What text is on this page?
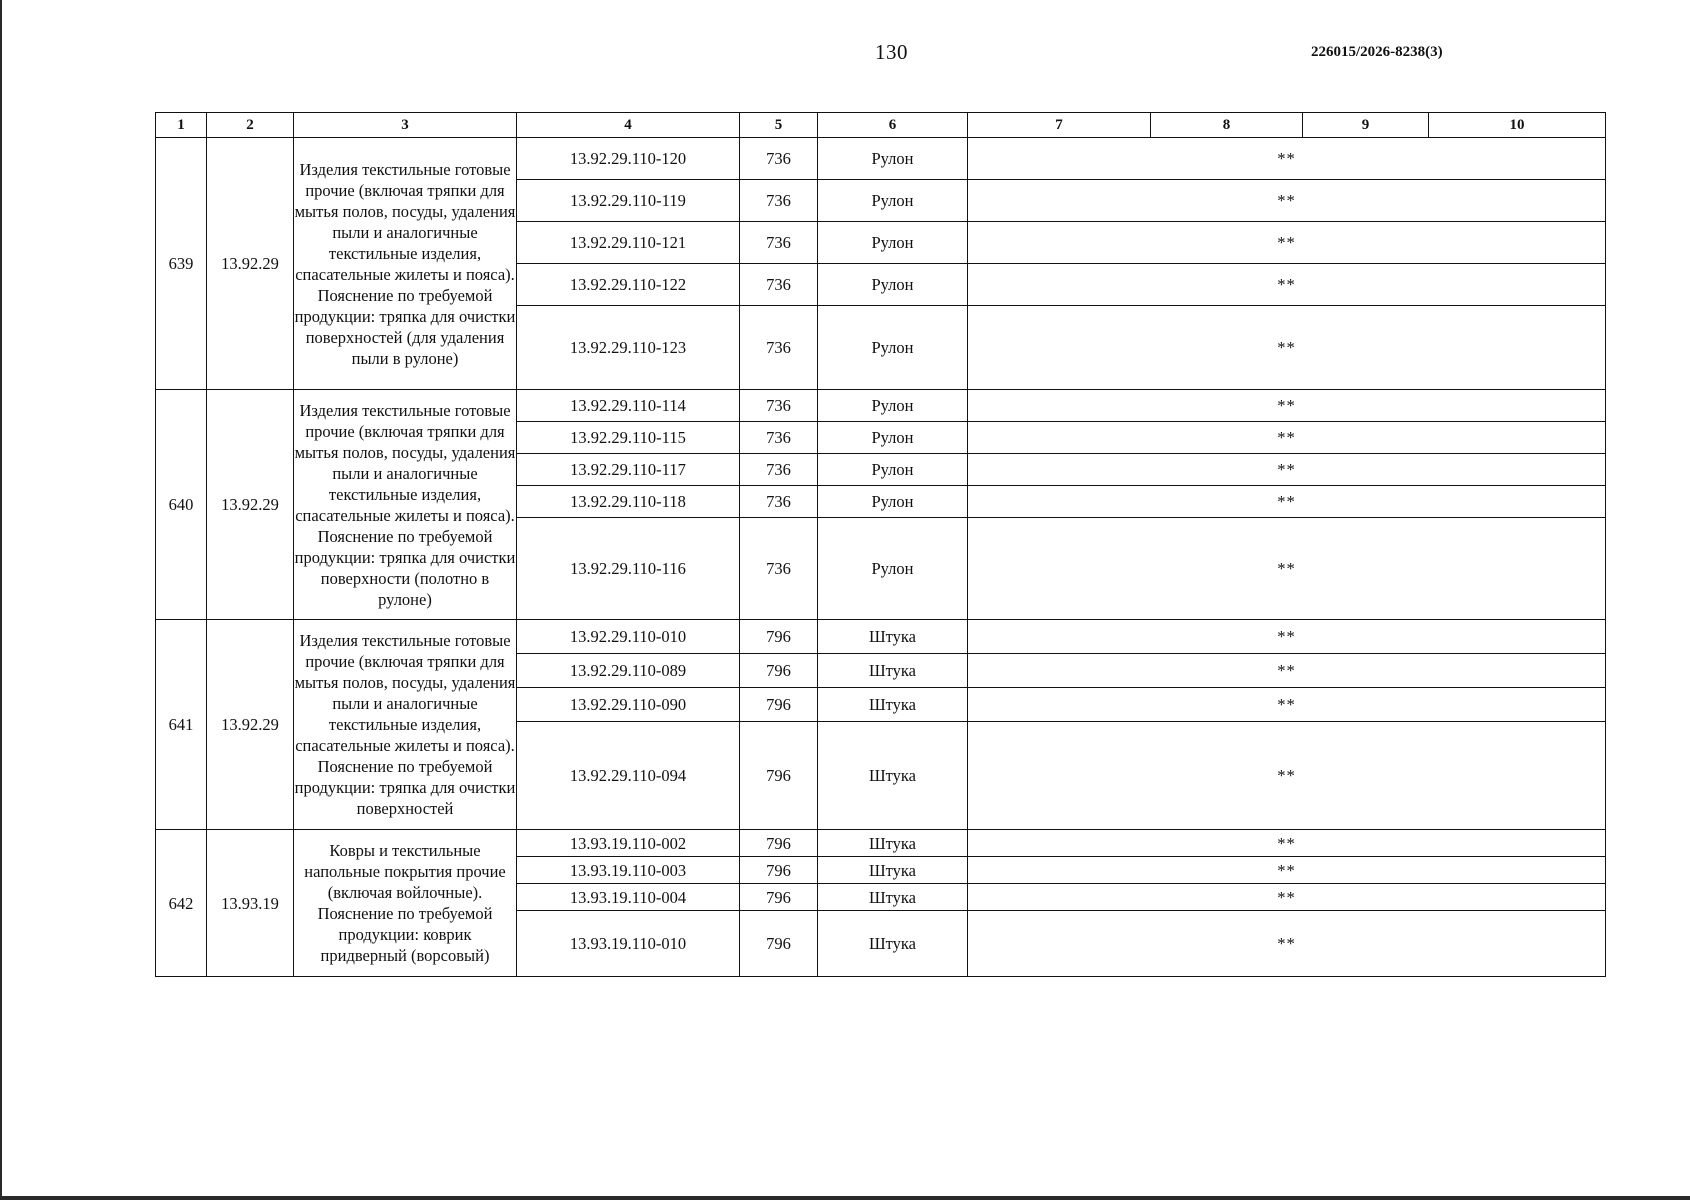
130	226015/2026-8238(3)
1	2	3	4	5	6	7	8	9	10
639	13.92.29	Изделия текстильные готовые прочие (включая тряпки для мытья полов, посуды, удаления пыли и аналогичные текстильные изделия, спасательные жилеты и пояса). Пояснение по требуемой продукции: тряпка для очистки поверхностей (для удаления пыли в рулоне)	13.92.29.110-120	736	Рулон	**			
			13.92.29.110-119	736	Рулон	**			
			13.92.29.110-121	736	Рулон	**			
			13.92.29.110-122	736	Рулон	**			
			13.92.29.110-123	736	Рулон	**			
640	13.92.29	Изделия текстильные готовые прочие (включая тряпки для мытья полов, посуды, удаления пыли и аналогичные текстильные изделия, спасательные жилеты и пояса). Пояснение по требуемой продукции: тряпка для очистки поверхности (полотно в рулоне)	13.92.29.110-114	736	Рулон	**			
			13.92.29.110-115	736	Рулон	**			
			13.92.29.110-117	736	Рулон	**			
			13.92.29.110-118	736	Рулон	**			
			13.92.29.110-116	736	Рулон	**			
641	13.92.29	Изделия текстильные готовые прочие (включая тряпки для мытья полов, посуды, удаления пыли и аналогичные текстильные изделия, спасательные жилеты и пояса). Пояснение по требуемой продукции: тряпка для очистки поверхностей	13.92.29.110-010	796	Штука	**			
			13.92.29.110-089	796	Штука	**			
			13.92.29.110-090	796	Штука	**			
			13.92.29.110-094	796	Штука	**			
642	13.93.19	Ковры и текстильные напольные покрытия прочие (включая войлочные). Пояснение по требуемой продукции: коврик придверный (ворсовый)	13.93.19.110-002	796	Штука	**			
			13.93.19.110-003	796	Штука	**			
			13.93.19.110-004	796	Штука	**			
			13.93.19.110-010	796	Штука	**			
